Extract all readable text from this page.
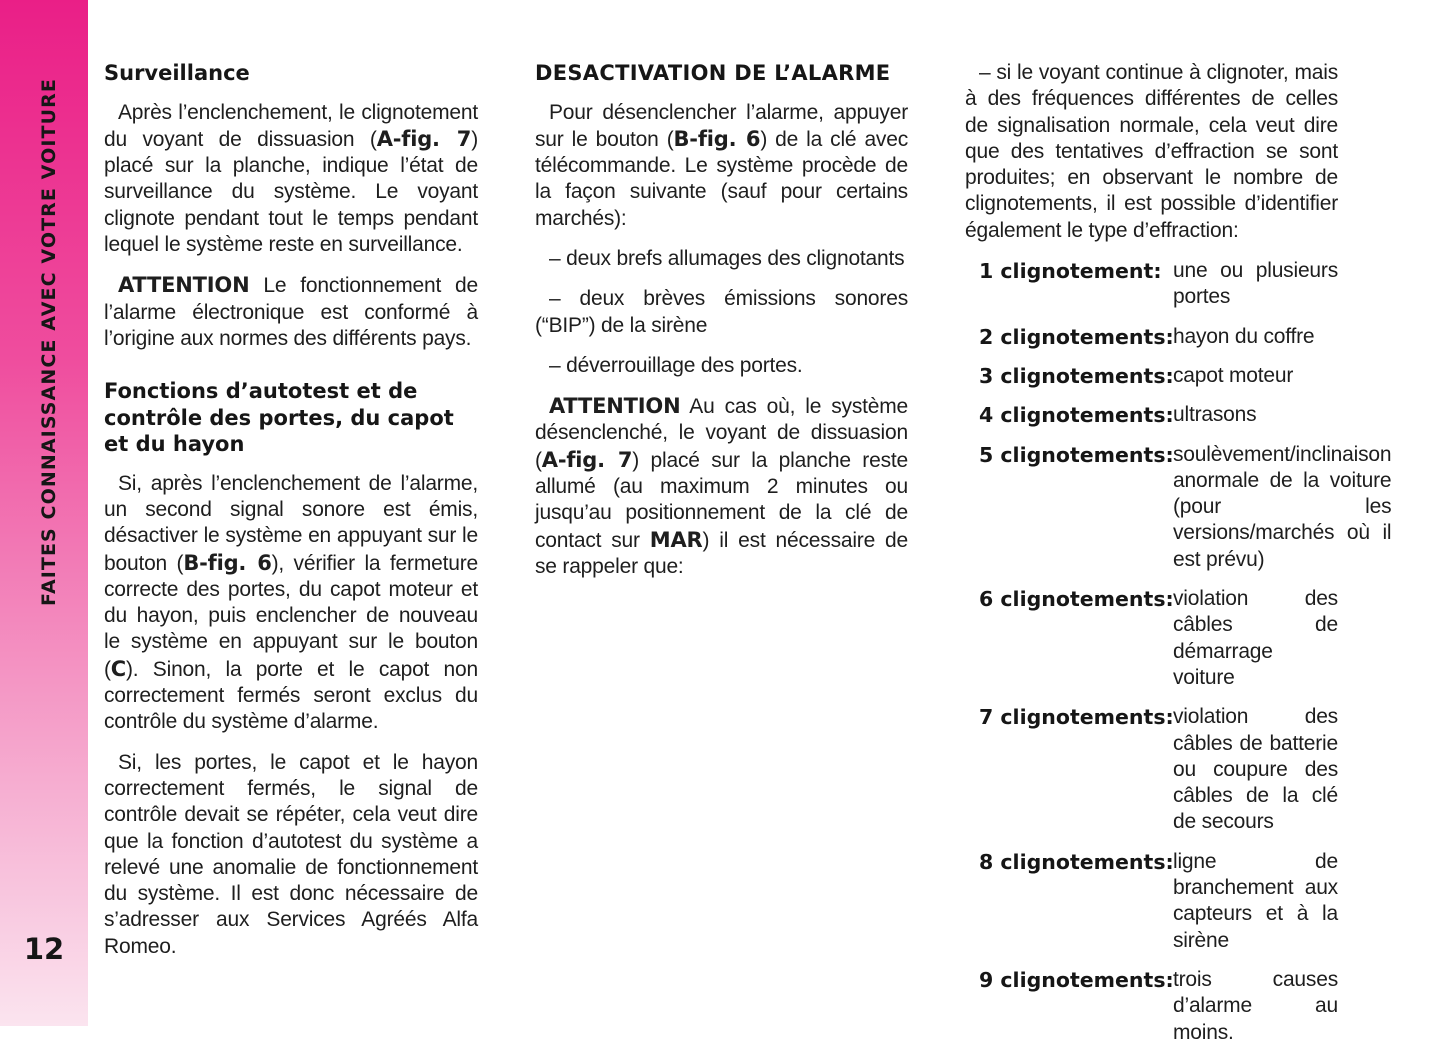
FAITES CONNAISSANCE AVEC VOTRE VOITURE
12
Surveillance

Après l’enclenchement, le clignotement du voyant de dissuasion (A-fig. 7) placé sur la planche, indique l’état de surveillance du système. Le voyant clignote pendant tout le temps pendant lequel le système reste en surveillance.

ATTENTION Le fonctionnement de l’alarme électronique est conformé à l’origine aux normes des différents pays.

Fonctions d’autotest et de contrôle des portes, du capot et du hayon

Si, après l’enclenchement de l’alarme, un second signal sonore est émis, désactiver le système en appuyant sur le bouton (B-fig. 6), vérifier la fermeture correcte des portes, du capot moteur et du hayon, puis enclencher de nouveau le système en appuyant sur le bouton (C). Sinon, la porte et le capot non correctement fermés seront exclus du contrôle du système d’alarme.

Si, les portes, le capot et le hayon correctement fermés, le signal de contrôle devait se répéter, cela veut dire que la fonction d’autotest du système a relevé une anomalie de fonctionnement du système. Il est donc nécessaire de s’adresser aux Services Agréés Alfa Romeo.

DESACTIVATION DE L’ALARME

Pour désenclencher l’alarme, appuyer sur le bouton (B-fig. 6) de la clé avec télécommande. Le système procède de la façon suivante (sauf pour certains marchés):

– deux brefs allumages des clignotants

– deux brèves émissions sonores (“BIP”) de la sirène

– déverrouillage des portes.

ATTENTION Au cas où, le système désenclenché, le voyant de dissuasion (A-fig. 7) placé sur la planche reste allumé (au maximum 2 minutes ou jusqu’au positionnement de la clé de contact sur MAR) il est nécessaire de se rappeler que:

– si le voyant continue à clignoter, mais à des fréquences différentes de celles de signalisation normale, cela veut dire que des tentatives d’effraction se sont produites; en observant le nombre de clignotements, il est possible d’identifier également le type d’effraction:

1 clignotement: une ou plusieurs portes
2 clignotements: hayon du coffre
3 clignotements: capot moteur
4 clignotements: ultrasons
5 clignotements: soulèvement/inclinaison anormale de la voiture (pour les versions/marchés où il est prévu)
6 clignotements: violation des câbles de démarrage voiture
7 clignotements: violation des câbles de batterie ou coupure des câbles de la clé de secours
8 clignotements: ligne de branchement aux capteurs et à la sirène
9 clignotements: trois causes d’alarme au moins.
